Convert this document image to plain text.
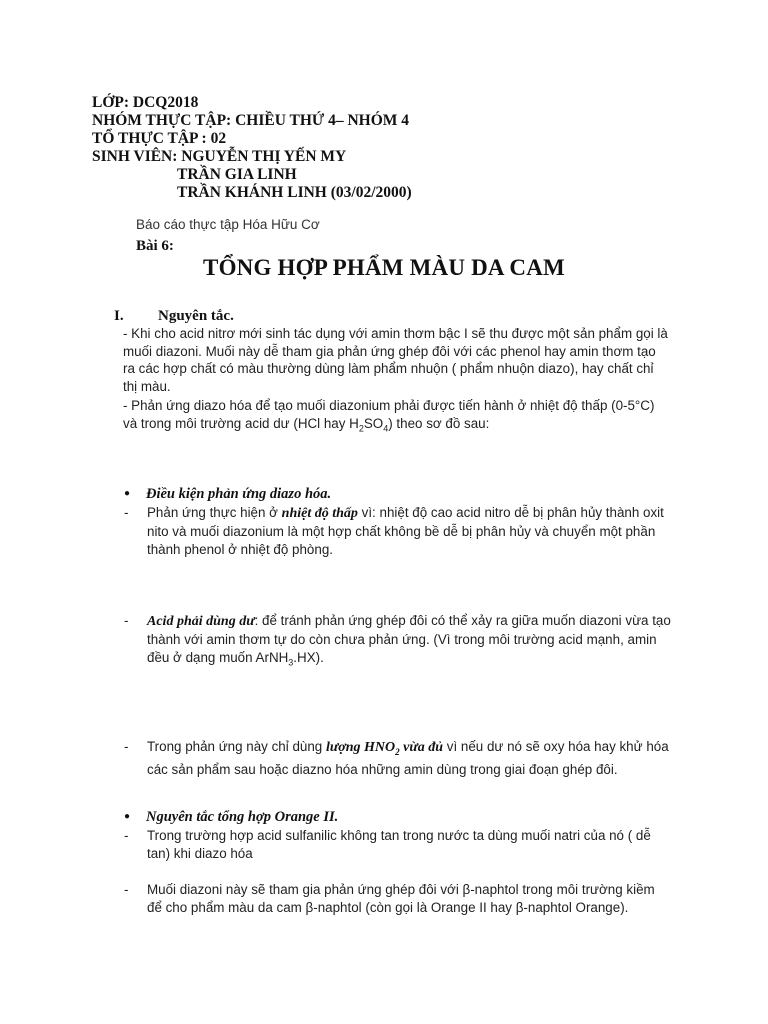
LỚP: DCQ2018
NHÓM THỰC TẬP: CHIỀU THỨ 4– NHÓM 4
TỔ THỰC TẬP : 02
SINH VIÊN: NGUYỄN THỊ YẾN MY
TRẦN GIA LINH
TRẦN KHÁNH LINH (03/02/2000)
Báo cáo thực tập Hóa Hữu Cơ
Bài 6:
TỔNG HỢP PHẨM MÀU DA CAM
I. Nguyên tắc.
- Khi cho acid nitrơ mới sinh tác dụng với amin thơm bậc I sẽ thu được một sản phẩm gọi là muối diazoni. Muối này dễ tham gia phản ứng ghép đôi với các phenol hay amin thơm tạo ra các hợp chất có màu thường dùng làm phẩm nhuộn ( phẩm nhuộn diazo), hay chất chỉ thị màu.
- Phản ứng diazo hóa để tạo muối diazonium phải được tiến hành ở nhiệt độ thấp (0-5°C) và trong môi trường acid dư (HCl hay $H_2SO_4$) theo sơ đồ sau:
● Điều kiện phản ứng diazo hóa.
- Phản ứng thực hiện ở nhiệt độ thấp vì: nhiệt độ cao acid nitro dễ bị phân hủy thành oxit nito và muối diazonium là một hợp chất không bề dễ bị phân hủy và chuyển một phần thành phenol ở nhiệt độ phòng.
- Acid phải dùng dư: để tránh phản ứng ghép đôi có thể xảy ra giữa muốn diazoni vừa tạo thành với amin thơm tự do còn chưa phản ứng. (Vì trong môi trường acid mạnh, amin đều ở dạng muốn ArNH$_3$.HX).
- Trong phản ứng này chỉ dùng lượng $HNO_2$ vừa đủ vì nếu dư nó sẽ oxy hóa hay khử hóa các sản phẩm sau hoặc diazno hóa những amin dùng trong giai đoạn ghép đôi.
● Nguyên tắc tổng hợp Orange II.
- Trong trường hợp acid sulfanilic không tan trong nước ta dùng muối natri của nó ( dễ tan) khi diazo hóa
- Muối diazoni này sẽ tham gia phản ứng ghép đôi với β-naphtol trong môi trường kiềm để cho phẩm màu da cam β-naphtol (còn gọi là Orange II hay β-naphtol Orange).
